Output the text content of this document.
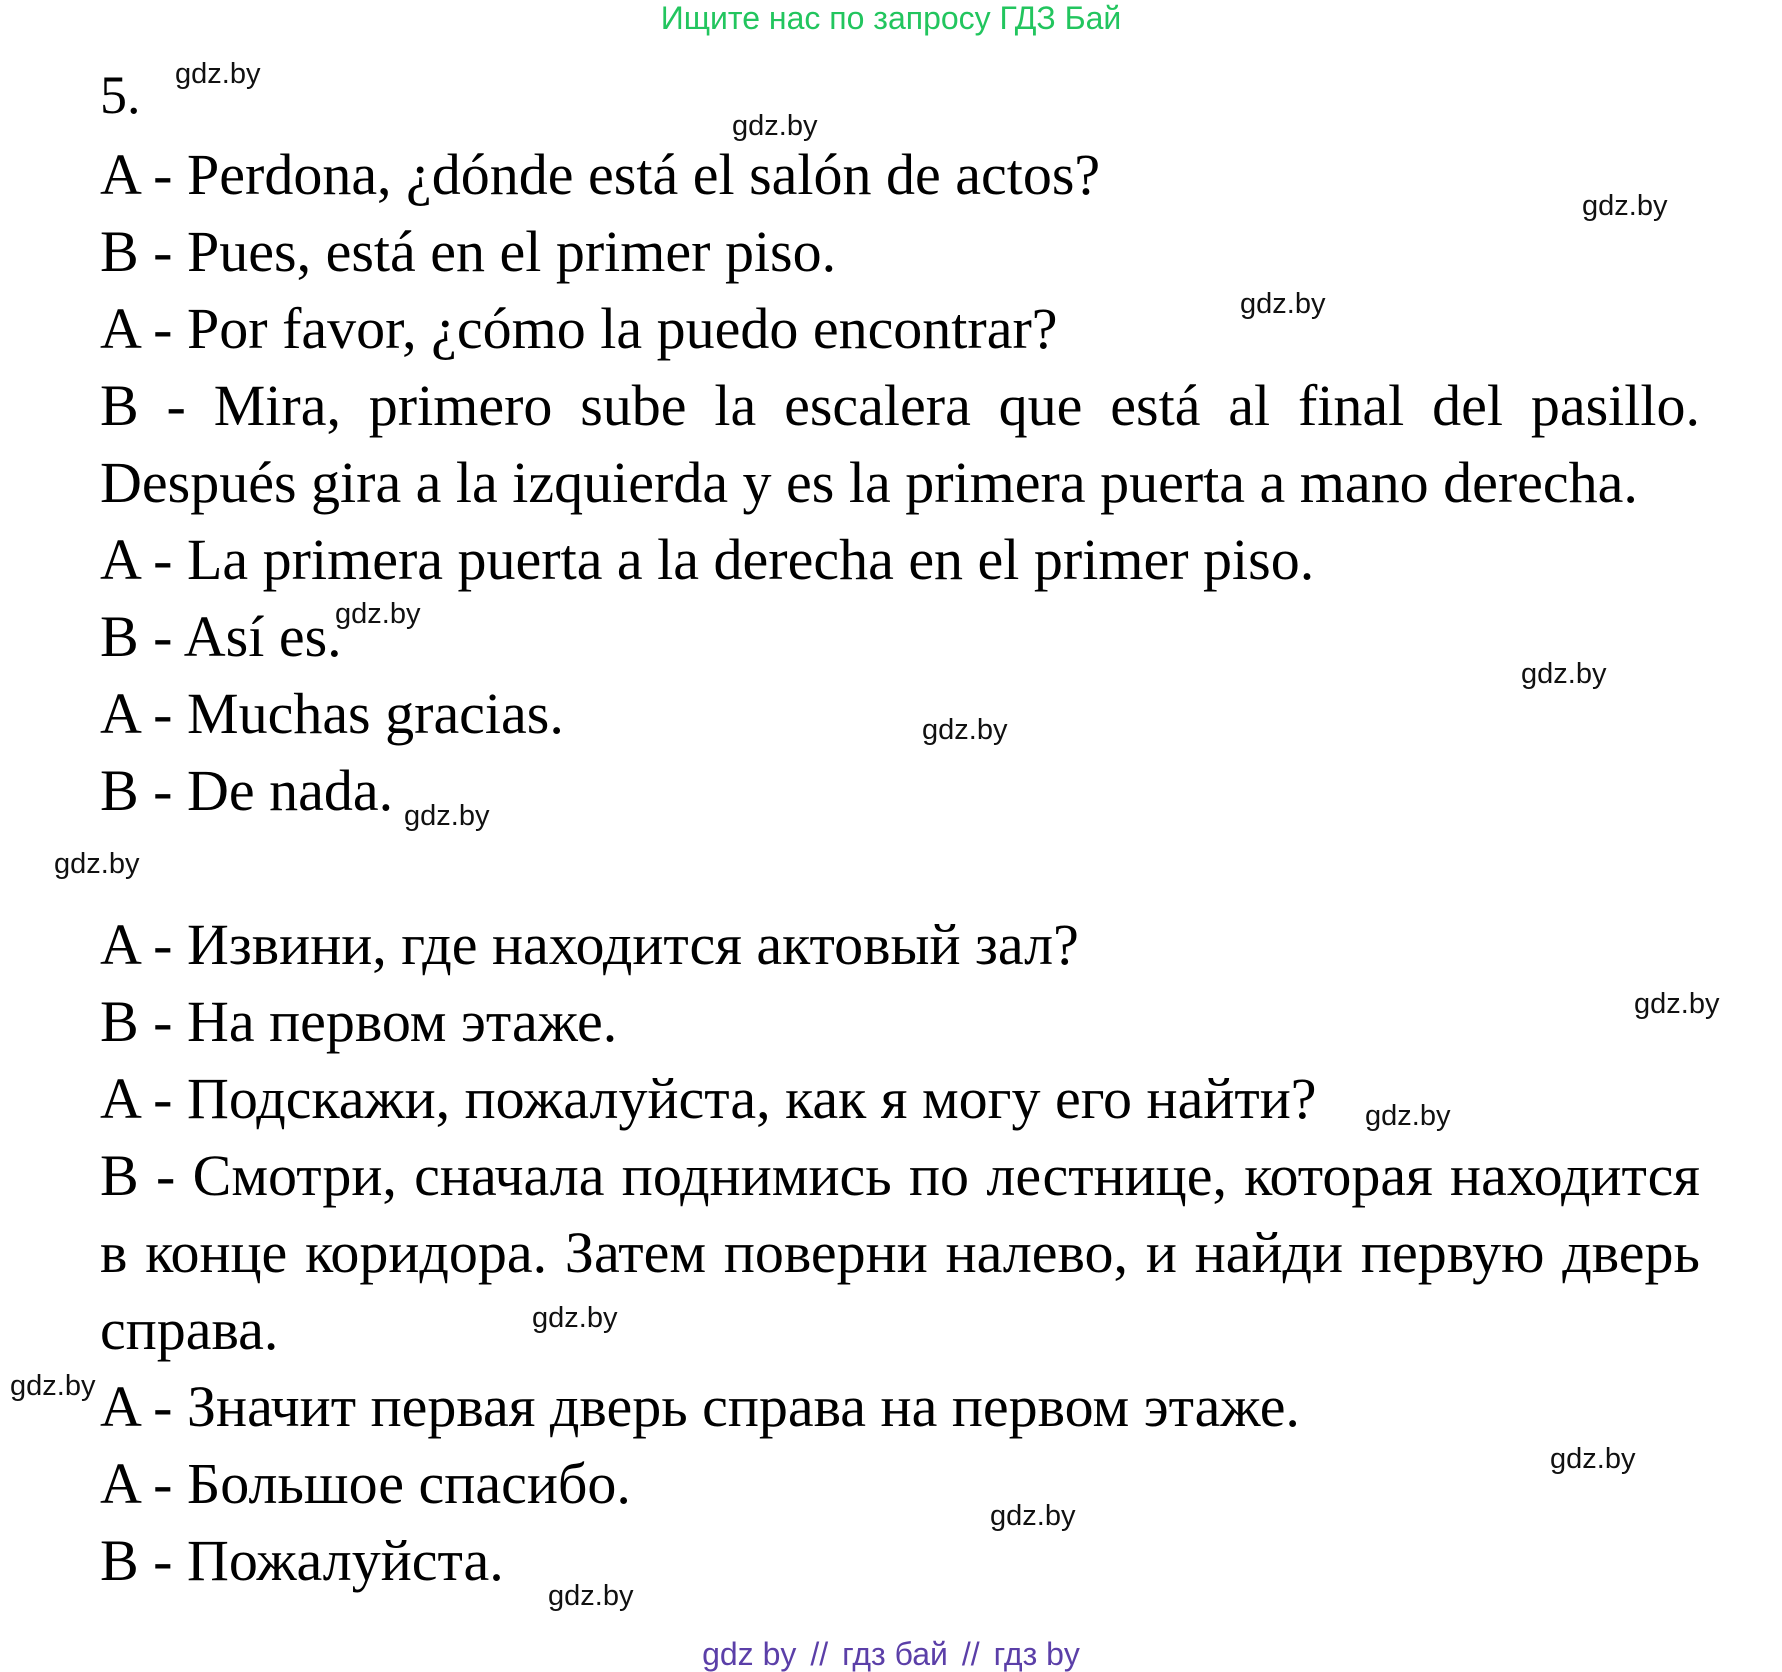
Ищите нас по запросу ГДЗ Бай
5.
A - Perdona, ¿dónde está el salón de actos?
B - Pues, está en el primer piso.
A - Por favor, ¿cómo la puedo encontrar?
B - Mira, primero sube la escalera que está al final del pasillo.
Después gira a la izquierda y es la primera puerta a mano derecha.
A - La primera puerta a la derecha en el primer piso.
B - Así es.
A - Muchas gracias.
B - De nada.
A - Извини, где находится актовый зал?
B - На первом этаже.
A - Подскажи, пожалуйста, как я могу его найти?
B - Смотри, сначала поднимись по лестнице, которая находится
в конце коридора. Затем поверни налево, и найди первую дверь
справа.
A - Значит первая дверь справа на первом этаже.
A - Большое спасибо.
B - Пожалуйста.
gdz.by
gdz.by
gdz.by
gdz.by
gdz.by
gdz.by
gdz.by
gdz.by
gdz.by
gdz.by
gdz.by
gdz.by
gdz.by
gdz.by
gdz.by
gdz.by
gdz by // гдз бай // гдз by
